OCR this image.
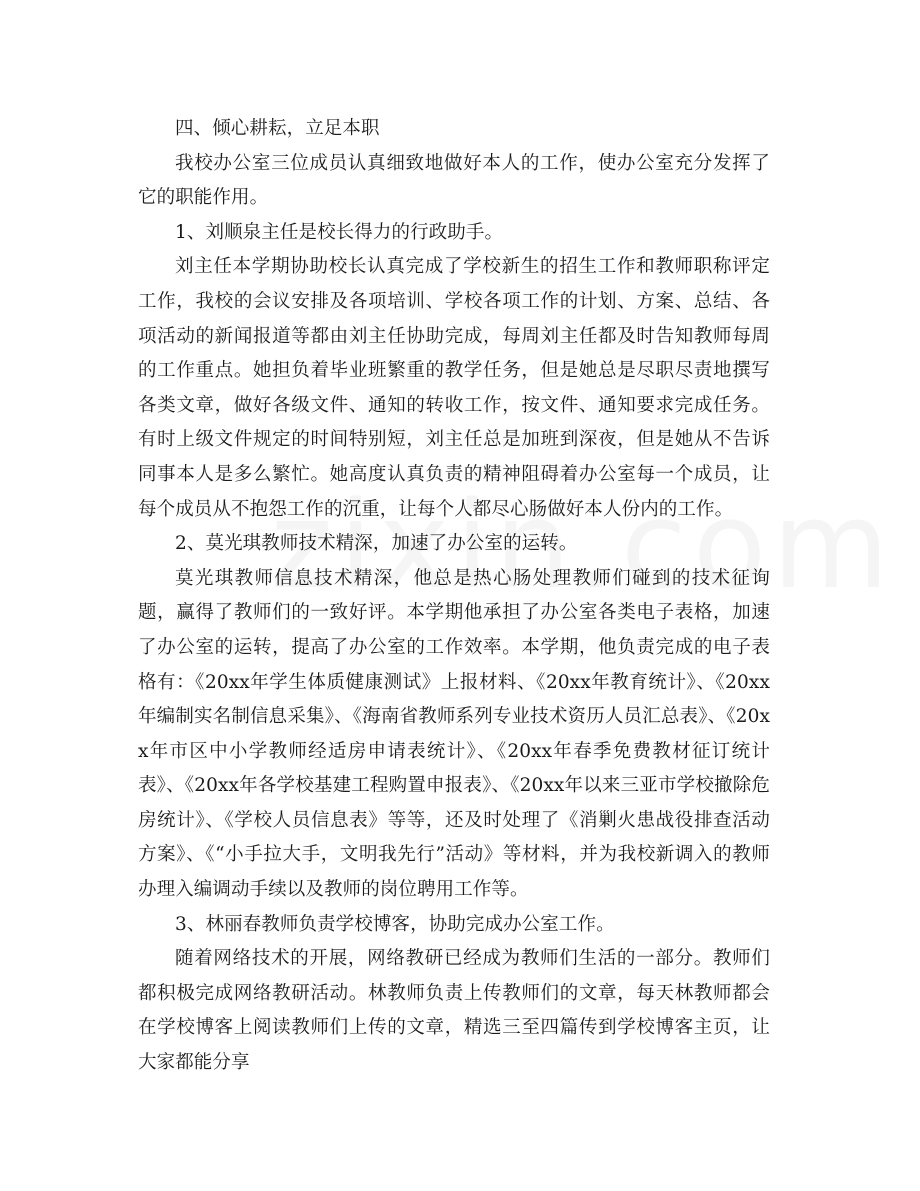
四、倾心耕耘，立足本职

我校办公室三位成员认真细致地做好本人的工作，使办公室充分发挥了它的职能作用。

1、刘顺泉主任是校长得力的行政助手。

刘主任本学期协助校长认真完成了学校新生的招生工作和教师职称评定工作，我校的会议安排及各项培训、学校各项工作的计划、方案、总结、各项活动的新闻报道等都由刘主任协助完成，每周刘主任都及时告知教师每周的工作重点。她担负着毕业班繁重的教学任务，但是她总是尽职尽责地撰写各类文章，做好各级文件、通知的转收工作，按文件、通知要求完成任务。有时上级文件规定的时间特别短，刘主任总是加班到深夜，但是她从不告诉同事本人是多么繁忙。她高度认真负责的精神阻碍着办公室每一个成员，让每个成员从不抱怨工作的沉重，让每个人都尽心肠做好本人份内的工作。

2、莫光琪教师技术精深，加速了办公室的运转。

莫光琪教师信息技术精深，他总是热心肠处理教师们碰到的技术征询题，赢得了教师们的一致好评。本学期他承担了办公室各类电子表格，加速了办公室的运转，提高了办公室的工作效率。本学期，他负责完成的电子表格有：《20xx年学生体质健康测试》上报材料、《20xx年教育统计》、《20xx年编制实名制信息采集》、《海南省教师系列专业技术资历人员汇总表》、《20xx年市区中小学教师经适房申请表统计》、《20xx年春季免费教材征订统计表》、《20xx年各学校基建工程购置申报表》、《20xx年以来三亚市学校撤除危房统计》、《学校人员信息表》等等，还及时处理了《消剿火患战役排查活动方案》、《“小手拉大手，文明我先行”活动》等材料，并为我校新调入的教师办理入编调动手续以及教师的岗位聘用工作等。

3、林丽春教师负责学校博客，协助完成办公室工作。

随着网络技术的开展，网络教研已经成为教师们生活的一部分。教师们都积极完成网络教研活动。林教师负责上传教师们的文章，每天林教师都会在学校博客上阅读教师们上传的文章，精选三至四篇传到学校博客主页，让大家都能分享
